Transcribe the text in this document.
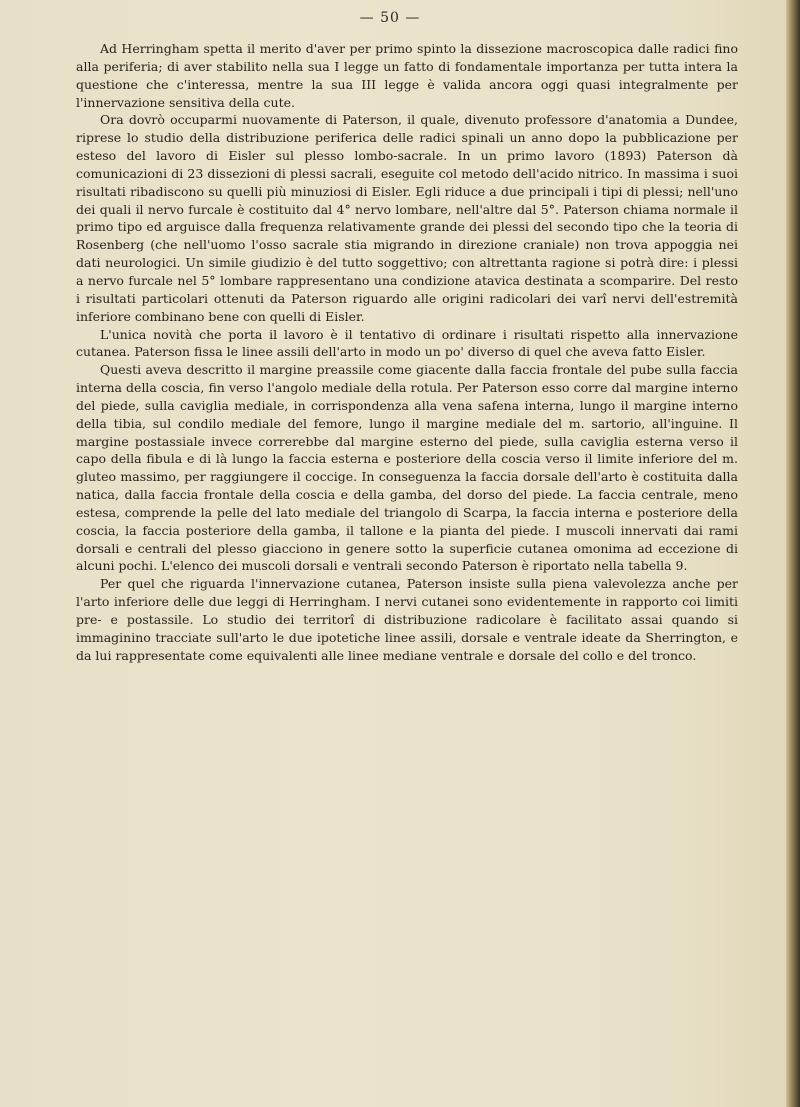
— 50 —

Ad Herringham spetta il merito d'aver per primo spinto la dissezione macroscopica dalle radici fino alla periferia; di aver stabilito nella sua I legge un fatto di fondamentale importanza per tutta intera la questione che c'interessa, mentre la sua III legge è valida ancora oggi quasi integralmente per l'innervazione sensitiva della cute.

Ora dovrò occuparmi nuovamente di Paterson, il quale, divenuto professore d'anatomia a Dundee, riprese lo studio della distribuzione periferica delle radici spinali un anno dopo la pubblicazione per esteso del lavoro di Eisler sul plesso lombo-sacrale. In un primo lavoro (1893) Paterson dà comunicazioni di 23 dissezioni di plessi sacrali, eseguite col metodo dell'acido nitrico. In massima i suoi risultati ribadiscono su quelli più minuziosi di Eisler. Egli riduce a due principali i tipi di plessi; nell'uno dei quali il nervo furcale è costituito dal 4° nervo lombare, nell'altre dal 5°. Paterson chiama normale il primo tipo ed arguisce dalla frequenza relativamente grande dei plessi del secondo tipo che la teoria di Rosenberg (che nell'uomo l'osso sacrale stia migrando in direzione craniale) non trova appoggia nei dati neurologici. Un simile giudizio è del tutto soggettivo; con altrettanta ragione si potrà dire: i plessi a nervo furcale nel 5° lombare rappresentano una condizione atavica destinata a scomparire. Del resto i risultati particolari ottenuti da Paterson riguardo alle origini radicolari dei varî nervi dell'estremità inferiore combinano bene con quelli di Eisler.

L'unica novità che porta il lavoro è il tentativo di ordinare i risultati rispetto alla innervazione cutanea. Paterson fissa le linee assili dell'arto in modo un po' diverso di quel che aveva fatto Eisler.

Questi aveva descritto il margine preassile come giacente dalla faccia frontale del pube sulla faccia interna della coscia, fin verso l'angolo mediale della rotula. Per Paterson esso corre dal margine interno del piede, sulla caviglia mediale, in corrispondenza alla vena safena interna, lungo il margine interno della tibia, sul condilo mediale del femore, lungo il margine mediale del m. sartorio, all'inguine. Il margine postassiale invece correrebbe dal margine esterno del piede, sulla caviglia esterna verso il capo della fibula e di là lungo la faccia esterna e posteriore della coscia verso il limite inferiore del m. gluteo massimo, per raggiungere il coccige. In conseguenza la faccia dorsale dell'arto è costituita dalla natica, dalla faccia frontale della coscia e della gamba, del dorso del piede. La faccia centrale, meno estesa, comprende la pelle del lato mediale del triangolo di Scarpa, la faccia interna e posteriore della coscia, la faccia posteriore della gamba, il tallone e la pianta del piede. I muscoli innervati dai rami dorsali e centrali del plesso giacciono in genere sotto la superficie cutanea omonima ad eccezione di alcuni pochi. L'elenco dei muscoli dorsali e ventrali secondo Paterson è riportato nella tabella 9.

Per quel che riguarda l'innervazione cutanea, Paterson insiste sulla piena valevolezza anche per l'arto inferiore delle due leggi di Herringham. I nervi cutanei sono evidentemente in rapporto coi limiti pre- e postassile. Lo studio dei territorî di distribuzione radicolare è facilitato assai quando si immaginino tracciate sull'arto le due ipotetiche linee assili, dorsale e ventrale ideate da Sherrington, e da lui rappresentate come equivalenti alle linee mediane ventrale e dorsale del collo e del tronco.
